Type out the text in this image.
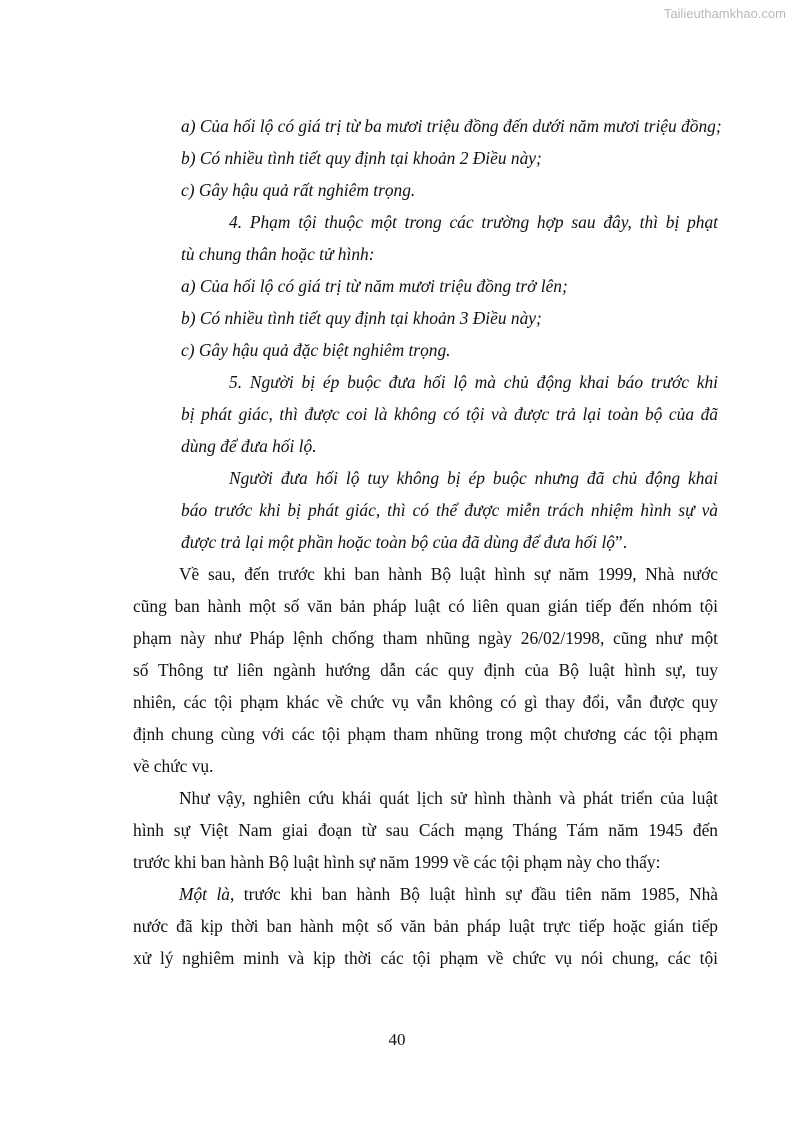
Tailieuthamkhao.com
a) Của hối lộ có giá trị từ ba mươi triệu đồng đến dưới năm mươi triệu đồng;
b) Có nhiều tình tiết quy định tại khoản 2 Điều này;
c) Gây hậu quả rất nghiêm trọng.
4. Phạm tội thuộc một trong các trường hợp sau đây, thì bị phạt
tù chung thân hoặc tử hình:
a) Của hối lộ có giá trị từ năm mươi triệu đồng trở lên;
b) Có nhiều tình tiết quy định tại khoản 3 Điều này;
c) Gây hậu quả đặc biệt nghiêm trọng.
5. Người bị ép buộc đưa hối lộ mà chủ động khai báo trước khi
bị phát giác, thì được coi là không có tội và được trả lại toàn bộ của đã
dùng để đưa hối lộ.
Người đưa hối lộ tuy không bị ép buộc nhưng đã chủ động khai
báo trước khi bị phát giác, thì có thể được miễn trách nhiệm hình sự và
được trả lại một phần hoặc toàn bộ của đã dùng để đưa hối lộ”.
Về sau, đến trước khi ban hành Bộ luật hình sự năm 1999, Nhà nước
cũng ban hành một số văn bản pháp luật có liên quan gián tiếp đến nhóm tội
phạm này như Pháp lệnh chống tham nhũng ngày 26/02/1998, cũng như một
số Thông tư liên ngành hướng dẫn các quy định của Bộ luật hình sự, tuy
nhiên, các tội phạm khác về chức vụ vẫn không có gì thay đổi, vẫn được quy
định chung cùng với các tội phạm tham nhũng trong một chương các tội phạm
về chức vụ.
Như vậy, nghiên cứu khái quát lịch sử hình thành và phát triển của luật
hình sự Việt Nam giai đoạn từ sau Cách mạng Tháng Tám năm 1945 đến
trước khi ban hành Bộ luật hình sự năm 1999 về các tội phạm này cho thấy:
Một là, trước khi ban hành Bộ luật hình sự đầu tiên năm 1985, Nhà
nước đã kịp thời ban hành một số văn bản pháp luật trực tiếp hoặc gián tiếp
xử lý nghiêm minh và kịp thời các tội phạm về chức vụ nói chung, các tội
40
